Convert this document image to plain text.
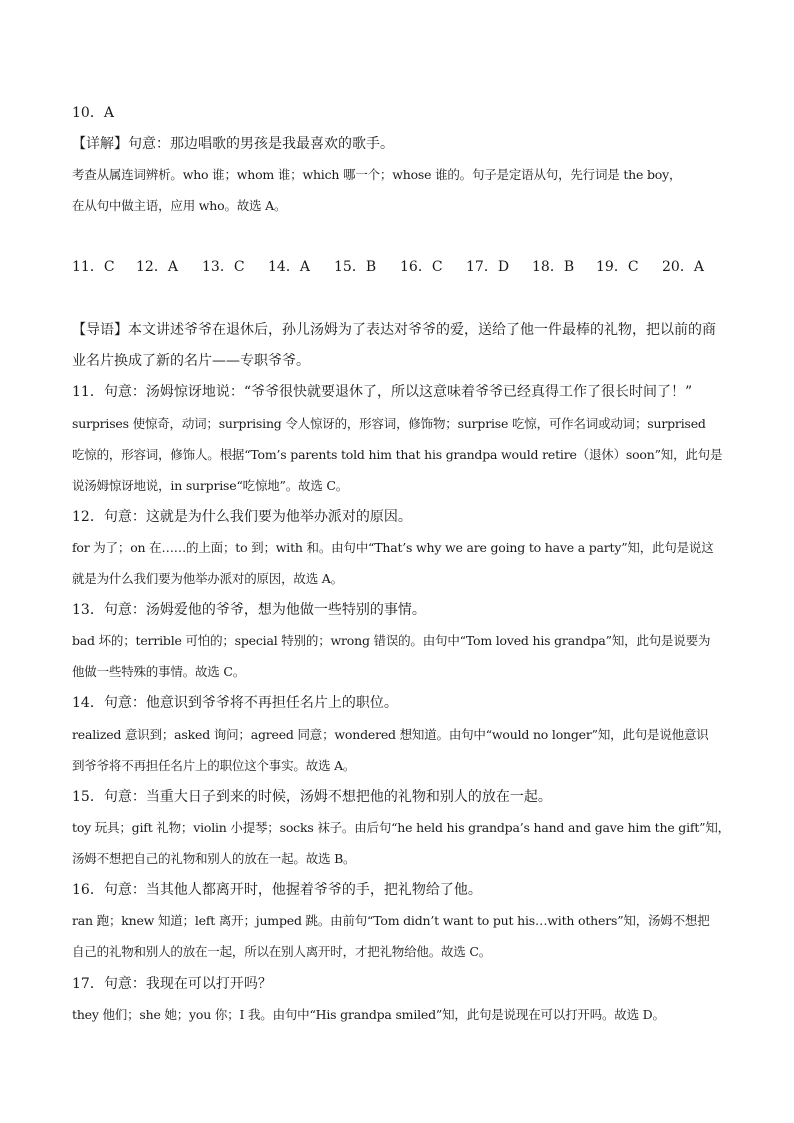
10．A
【详解】句意：那边唱歌的男孩是我最喜欢的歌手。
考查从属连词辨析。who 谁；whom 谁；which 哪一个；whose 谁的。句子是定语从句，先行词是 the boy，
在从句中做主语，应用 who。故选 A。
11．C 12．A 13．C 14．A 15．B 16．C 17．D 18．B 19．C 20．A
【导语】本文讲述爷爷在退休后，孙儿汤姆为了表达对爷爷的爱，送给了他一件最棒的礼物，把以前的商
业名片换成了新的名片——专职爷爷。
11．句意：汤姆惊讶地说：“爷爷很快就要退休了，所以这意味着爷爷已经真得工作了很长时间了！”
surprises 使惊奇，动词；surprising 令人惊讶的，形容词，修饰物；surprise 吃惊，可作名词或动词；surprised
吃惊的，形容词，修饰人。根据“Tom’s parents told him that his grandpa would retire（退休）soon”知，此句是
说汤姆惊讶地说，in surprise“吃惊地”。故选 C。
12．句意：这就是为什么我们要为他举办派对的原因。
for 为了；on 在……的上面；to 到；with 和。由句中“That’s why we are going to have a party”知，此句是说这
就是为什么我们要为他举办派对的原因，故选 A。
13．句意：汤姆爱他的爷爷，想为他做一些特别的事情。
bad 坏的；terrible 可怕的；special 特别的；wrong 错误的。由句中“Tom loved his grandpa”知，此句是说要为
他做一些特殊的事情。故选 C。
14．句意：他意识到爷爷将不再担任名片上的职位。
realized 意识到；asked 询问；agreed 同意；wondered 想知道。由句中“would no longer”知，此句是说他意识
到爷爷将不再担任名片上的职位这个事实。故选 A。
15．句意：当重大日子到来的时候，汤姆不想把他的礼物和别人的放在一起。
toy 玩具；gift 礼物；violin 小提琴；socks 袜子。由后句“he held his grandpa’s hand and gave him the gift”知，
汤姆不想把自己的礼物和别人的放在一起。故选 B。
16．句意：当其他人都离开时，他握着爷爷的手，把礼物给了他。
ran 跑；knew 知道；left 离开；jumped 跳。由前句“Tom didn’t want to put his…with others”知，汤姆不想把
自己的礼物和别人的放在一起，所以在别人离开时，才把礼物给他。故选 C。
17．句意：我现在可以打开吗？
they 他们；she 她；you 你；I 我。由句中“His grandpa smiled”知，此句是说现在可以打开吗。故选 D。
